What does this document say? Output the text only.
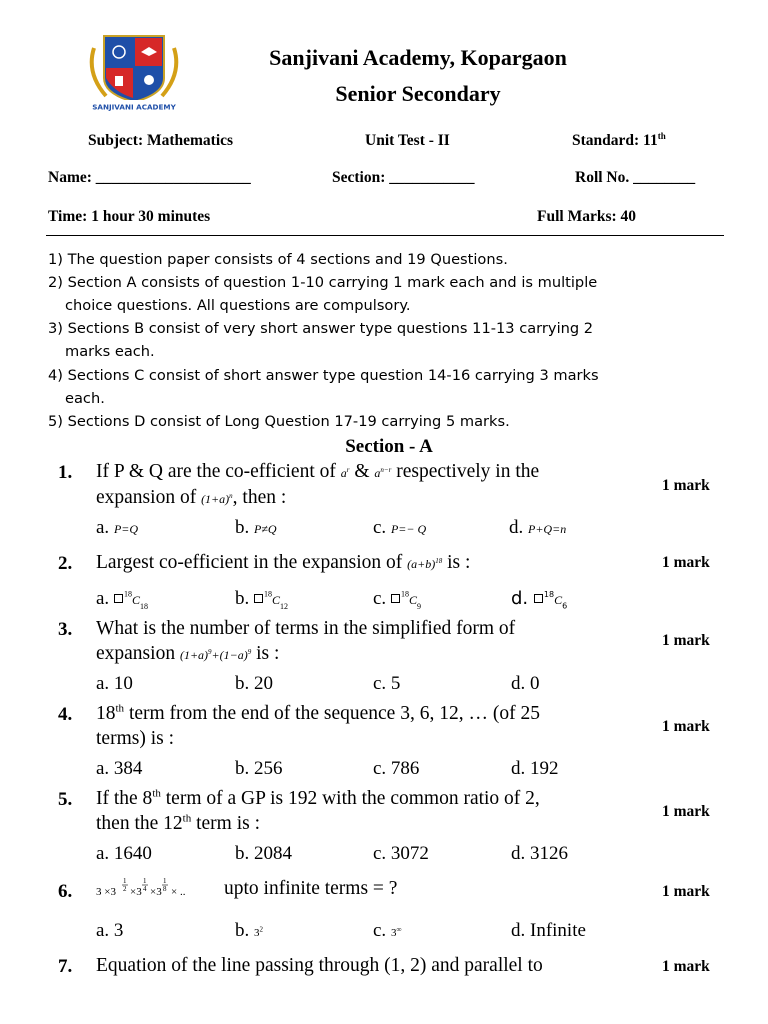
SANJIVANI ACADEMY
Sanjivani Academy, Kopargaon
Senior Secondary
Subject: Mathematics	Unit Test - II	Standard: 11th
Name: ____________________	Section: ___________	Roll No. ________
Time: 1 hour 30 minutes	Full Marks: 40
1) The question paper consists of 4 sections and 19 Questions.
2) Section A consists of question 1-10 carrying 1 mark each and is multiple
choice questions. All questions are compulsory.
3) Sections B consist of very short answer type questions 11-13 carrying 2
marks each.
4) Sections C consist of short answer type question 14-16 carrying 3 marks
each.
5) Sections D consist of Long Question 17-19 carrying 5 marks.
Section - A
1. If P & Q are the co-efficient of $a^r$ & $a^{n-r}$ respectively in the
expansion of $(1+a)^n$, then :
1 mark
a. P=Q	b. P≠Q	c. P=− Q	d. P+Q=n
2. Largest co-efficient in the expansion of $(a+b)^{18}$ is :	1 mark
a. $^{18}C_{18}$	b. $^{18}C_{12}$	c. $^{18}C_9$	d. $^{18}C_6$
3. What is the number of terms in the simplified form of
expansion $(1+a)^9+(1-a)^9$ is :
1 mark
a. 10	b. 20	c. 5	d. 0
4. 18th term from the end of the sequence 3, 6, 12, … (of 25
terms) is :
1 mark
a. 384	b. 256	c. 786	d. 192
5. If the 8th term of a GP is 192 with the common ratio of 2,
then the 12th term is :
1 mark
a. 1640	b. 2084	c. 3072	d. 3126
6. 3 ×3
1
2 ×3
1
4 ×3
1
8 × .. upto infinite terms = ?	1 mark
a. 3	b. $3^2$	c. 3∞	d. Infinite
7. Equation of the line passing through (1, 2) and parallel to	1 mark
